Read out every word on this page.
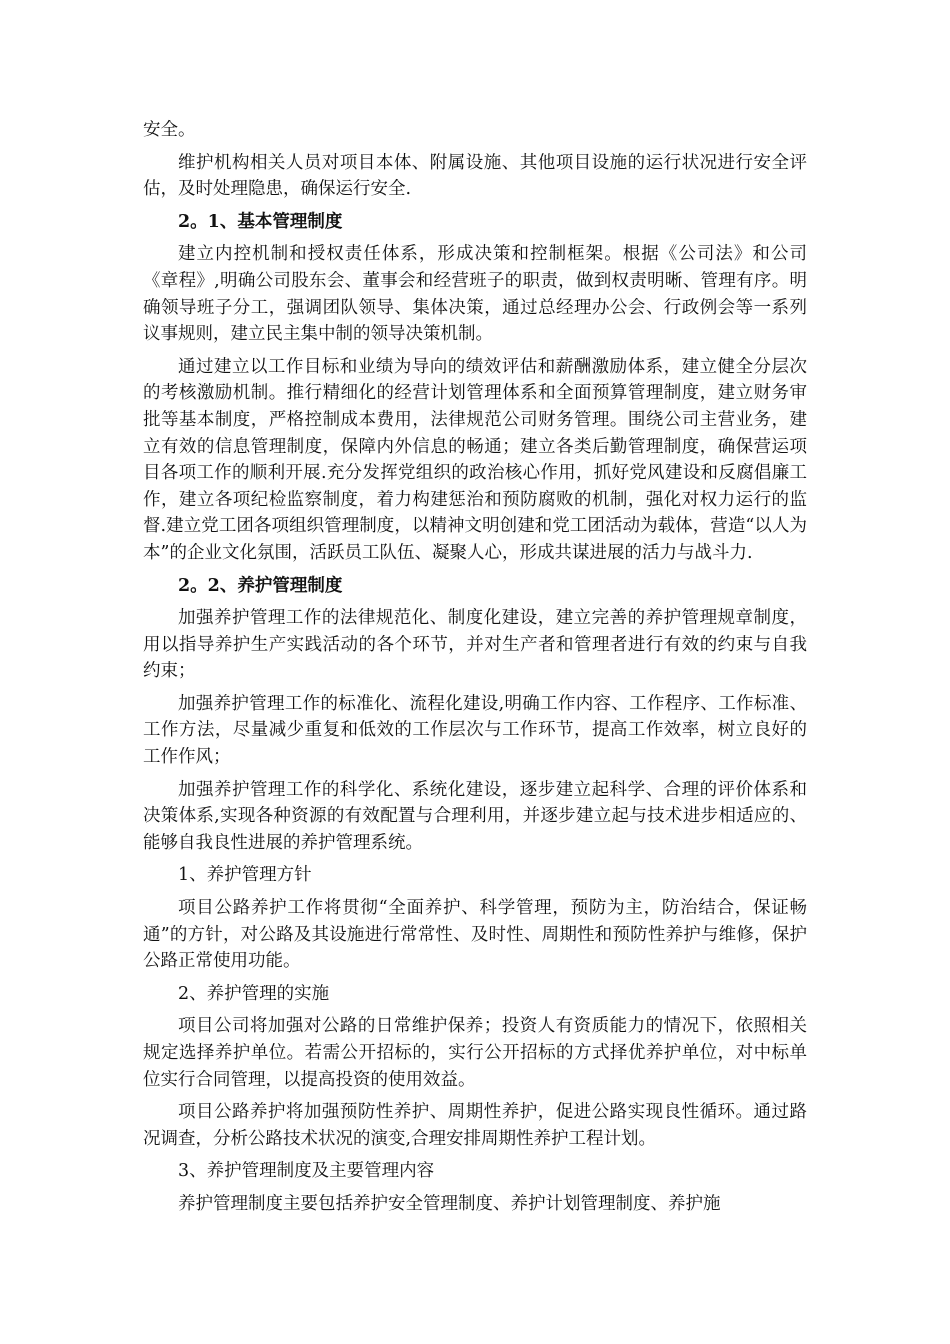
安全。

维护机构相关人员对项目本体、附属设施、其他项目设施的运行状况进行安全评估，及时处理隐患，确保运行安全.

2。1、基本管理制度

建立内控机制和授权责任体系，形成决策和控制框架。根据《公司法》和公司《章程》,明确公司股东会、董事会和经营班子的职责，做到权责明晰、管理有序。明确领导班子分工，强调团队领导、集体决策，通过总经理办公会、行政例会等一系列议事规则，建立民主集中制的领导决策机制。

通过建立以工作目标和业绩为导向的绩效评估和薪酬激励体系，建立健全分层次的考核激励机制。推行精细化的经营计划管理体系和全面预算管理制度，建立财务审批等基本制度，严格控制成本费用，法律规范公司财务管理。围绕公司主营业务，建立有效的信息管理制度，保障内外信息的畅通；建立各类后勤管理制度，确保营运项目各项工作的顺利开展.充分发挥党组织的政治核心作用，抓好党风建设和反腐倡廉工作，建立各项纪检监察制度，着力构建惩治和预防腐败的机制，强化对权力运行的监督.建立党工团各项组织管理制度，以精神文明创建和党工团活动为载体，营造“以人为本”的企业文化氛围，活跃员工队伍、凝聚人心，形成共谋进展的活力与战斗力.

2。2、养护管理制度

加强养护管理工作的法律规范化、制度化建设，建立完善的养护管理规章制度，用以指导养护生产实践活动的各个环节，并对生产者和管理者进行有效的约束与自我约束；

加强养护管理工作的标准化、流程化建设,明确工作内容、工作程序、工作标准、工作方法，尽量减少重复和低效的工作层次与工作环节，提高工作效率，树立良好的工作作风；

加强养护管理工作的科学化、系统化建设，逐步建立起科学、合理的评价体系和决策体系,实现各种资源的有效配置与合理利用，并逐步建立起与技术进步相适应的、能够自我良性进展的养护管理系统。

1、养护管理方针

项目公路养护工作将贯彻“全面养护、科学管理，预防为主，防治结合，保证畅通”的方针，对公路及其设施进行常常性、及时性、周期性和预防性养护与维修，保护公路正常使用功能。

2、养护管理的实施

项目公司将加强对公路的日常维护保养；投资人有资质能力的情况下，依照相关规定选择养护单位。若需公开招标的，实行公开招标的方式择优养护单位，对中标单位实行合同管理，以提高投资的使用效益。

项目公路养护将加强预防性养护、周期性养护，促进公路实现良性循环。通过路况调查，分析公路技术状况的演变,合理安排周期性养护工程计划。

3、养护管理制度及主要管理内容

养护管理制度主要包括养护安全管理制度、养护计划管理制度、养护施
